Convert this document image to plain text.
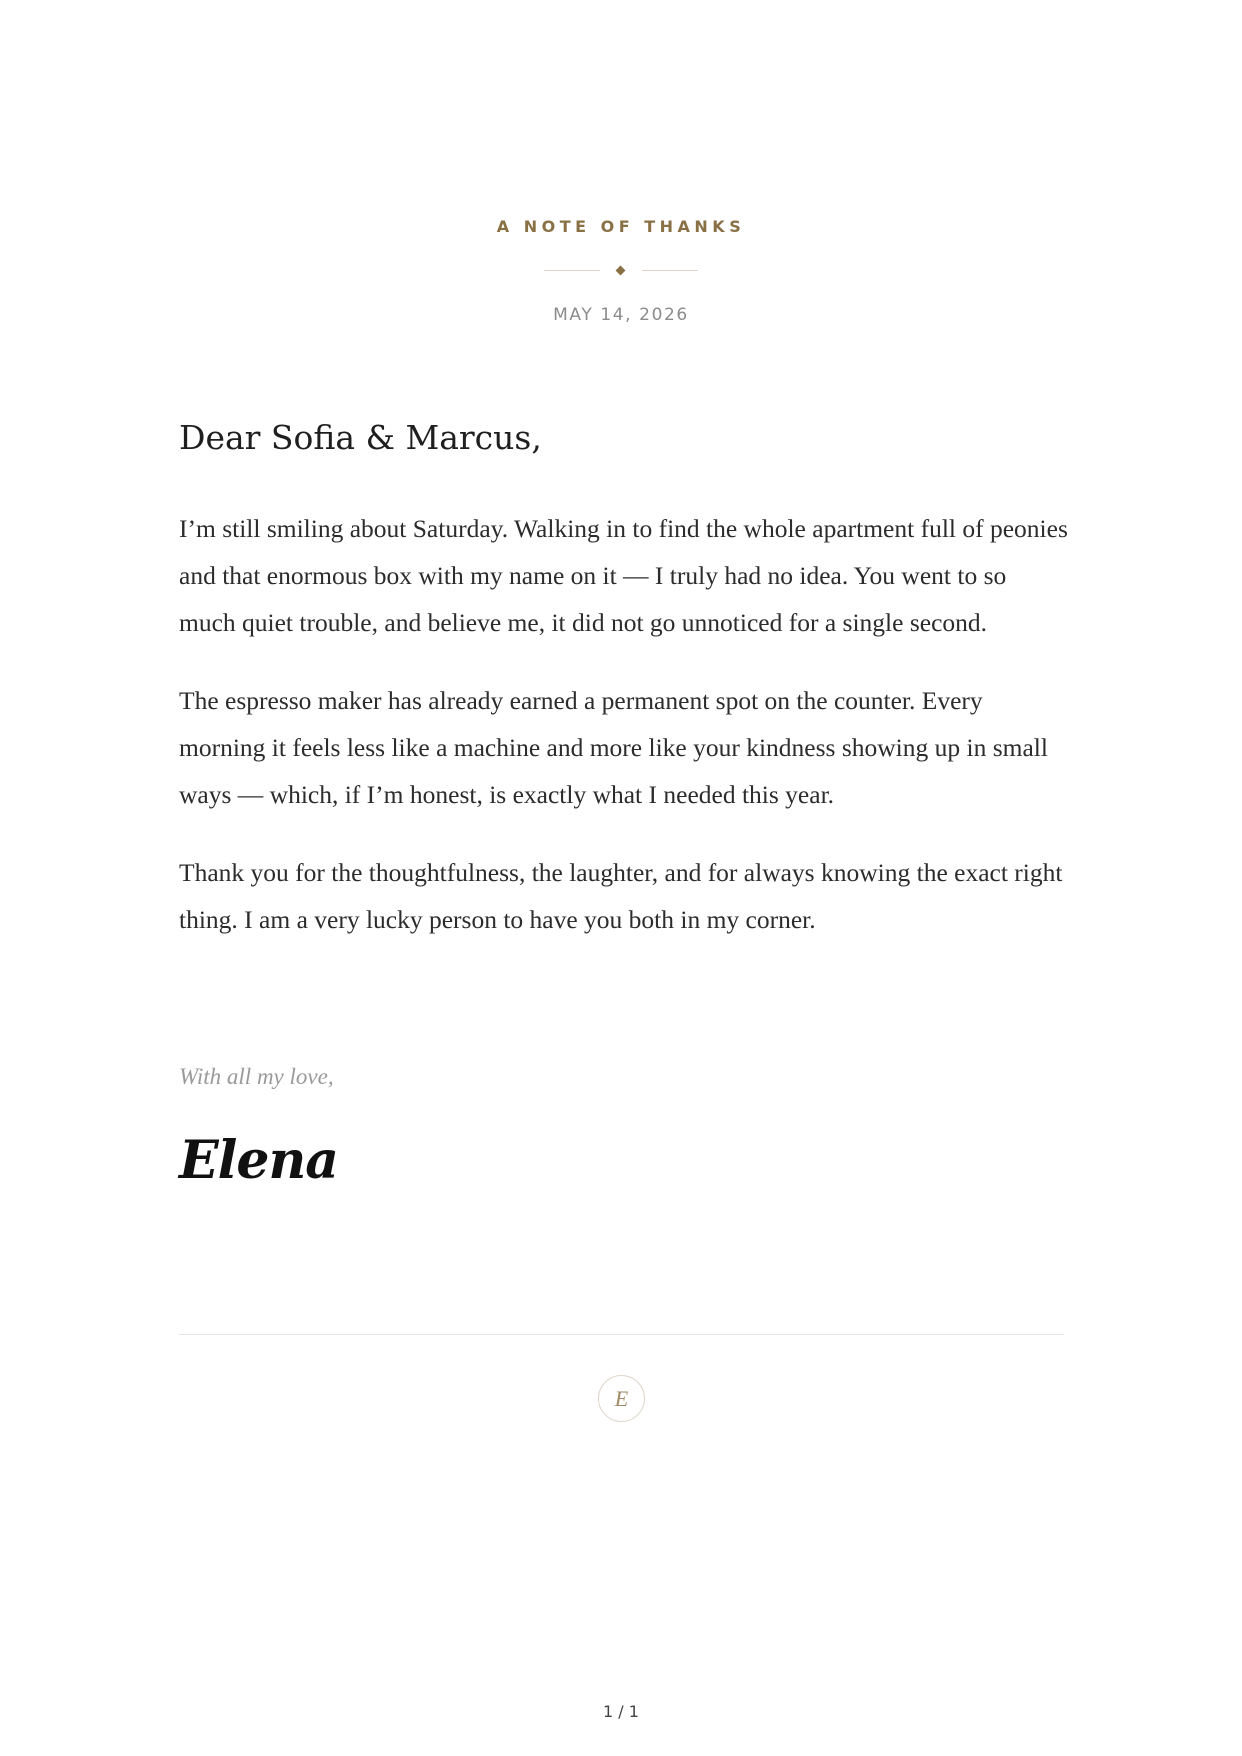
A NOTE OF THANKS
MAY 14, 2026
Dear Sofia & Marcus,

I’m still smiling about Saturday. Walking in to find the whole apartment full of peonies and that enormous box with my name on it — I truly had no idea. You went to so much quiet trouble, and believe me, it did not go unnoticed for a single second.

The espresso maker has already earned a permanent spot on the counter. Every morning it feels less like a machine and more like your kindness showing up in small ways — which, if I’m honest, is exactly what I needed this year.

Thank you for the thoughtfulness, the laughter, and for always knowing the exact right thing. I am a very lucky person to have you both in my corner.

With all my love,
Elena
E
1 / 1
